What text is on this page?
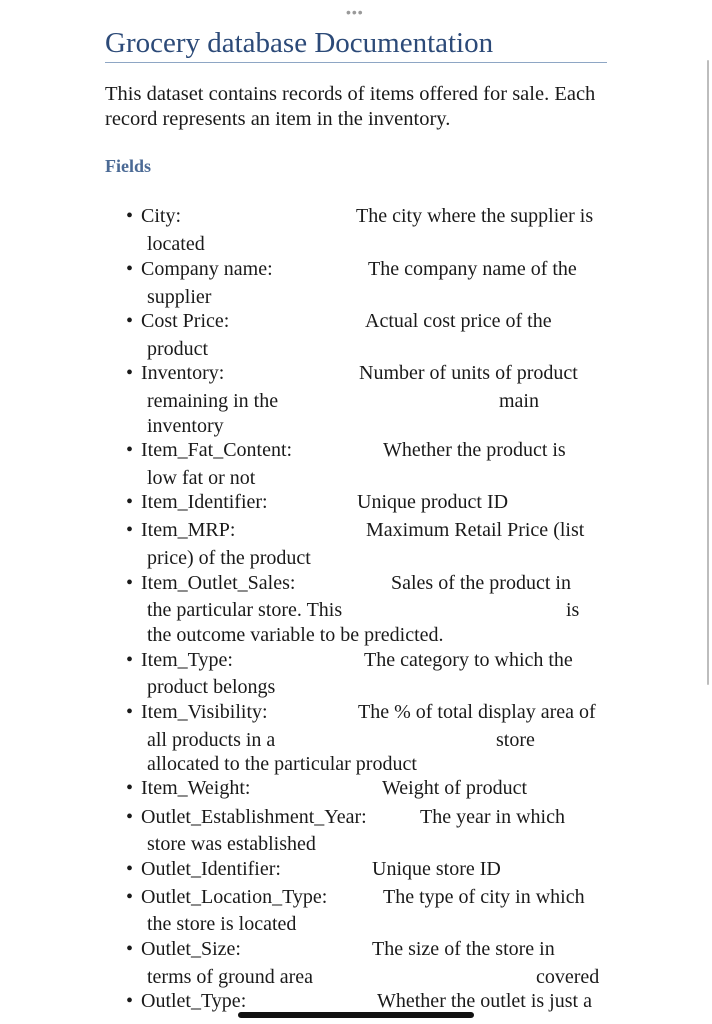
•••
Grocery database Documentation

This dataset contains records of items offered for sale. Each record represents an item in the inventory.

Fields
• City:	The city where the supplier is
located
• Company name:	The company name of the
supplier
• Cost Price:	Actual cost price of the
product
• Inventory:	Number of units of product
remaining in the	main
inventory
• Item_Fat_Content:	Whether the product is
low fat or not
• Item_Identifier:	Unique product ID
• Item_MRP:	Maximum Retail Price (list
price) of the product
• Item_Outlet_Sales:	Sales of the product in
the particular store. This	is
the outcome variable to be predicted.
• Item_Type:	The category to which the
product belongs
• Item_Visibility:	The % of total display area of
all products in a	store
allocated to the particular product
• Item_Weight:	Weight of product
• Outlet_Establishment_Year:	The year in which
store was established
• Outlet_Identifier:	Unique store ID
• Outlet_Location_Type:	The type of city in which
the store is located
• Outlet_Size:	The size of the store in
terms of ground area	covered
• Outlet_Type:	Whether the outlet is just a
